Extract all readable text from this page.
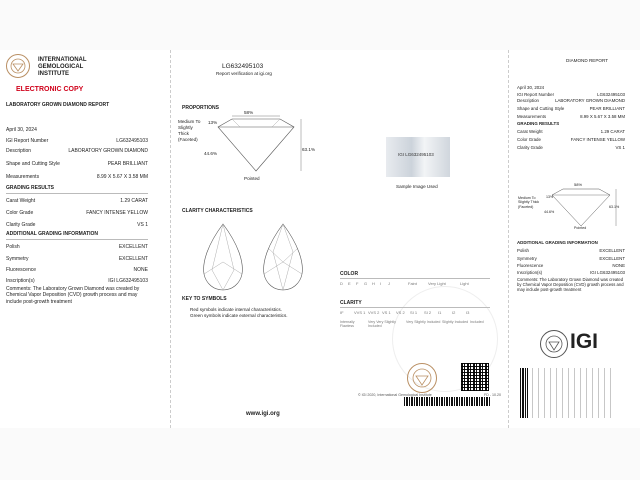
INTERNATIONAL
GEMOLOGICAL
INSTITUTE
ELECTRONIC COPY
LABORATORY GROWN DIAMOND REPORT
April 30, 2024
IGI Report Number	LG632495103
Description	LABORATORY GROWN DIAMOND
Shape and Cutting Style	PEAR BRILLIANT
Measurements	8.99 X 5.67 X 3.58 MM
GRADING RESULTS
Carat Weight	1.29 CARAT
Color Grade	FANCY INTENSE YELLOW
Clarity Grade	VS 1
ADDITIONAL GRADING INFORMATION
Polish	EXCELLENT
Symmetry	EXCELLENT
Fluorescence	NONE
Inscription(s)	IGI LG632495103
Comments: The Laboratory Grown Diamond was created by Chemical Vapor Deposition (CVD) growth process and may include post-growth treatment
LG632495103
Report verification at igi.org
PROPORTIONS
58%
Medium To Slightly Thick (Faceted)
13%
44.6%
63.1%
Pointed
CLARITY CHARACTERISTICS
KEY TO SYMBOLS
Red symbols indicate internal characteristics.
Green symbols indicate external characteristics.
www.igi.org
IGI LG632495103
Sample Image Used
COLOR
D	E	F	G	H	I	J	Faint	Very Light	Light
CLARITY
IF	VVS 1 VVS 2 VS 1	VS 2	SI 1	SI 2	I1	I2	I3
Internally Flawless
Very Very Slightly Included
Very Slightly Included Slightly Included Included
© IGI 2020, International Gemological Institute	FD - 10.20
DIAMOND REPORT
April 30, 2024
IGI Report Number	LG632495103
Description	LABORATORY GROWN DIAMOND
Shape and Cutting Style	PEAR BRILLIANT
Measurements	8.99 X 5.67 X 3.58 MM
GRADING RESULTS
Carat Weight	1.29 CARAT
Color Grade	FANCY INTENSE YELLOW
Clarity Grade	VS 1
58%
Medium To Slightly Thick (Faceted)
13%
44.6%
63.1%
Pointed
ADDITIONAL GRADING INFORMATION
Polish	EXCELLENT
Symmetry	EXCELLENT
Fluorescence	NONE
Inscription(s)	IGI LG632495103
Comments: The Laboratory Grown Diamond was created by Chemical Vapor Deposition (CVD) growth process and may include post-growth treatment
IGI
